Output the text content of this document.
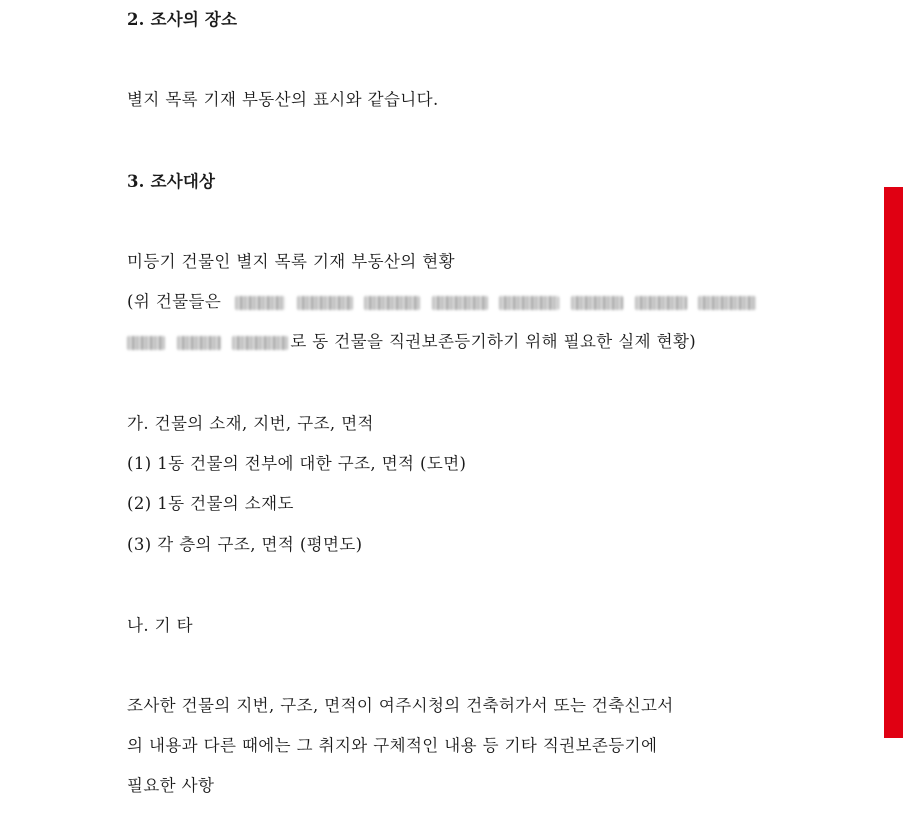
2. 조사의 장소
별지 목록 기재 부동산의 표시와 같습니다.
3. 조사대상
미등기 건물인 별지 목록 기재 부동산의 현황
(위 건물들은
로 동 건물을 직권보존등기하기 위해 필요한 실제 현황)
가. 건물의 소재, 지번, 구조, 면적
(1) 1동 건물의 전부에 대한 구조, 면적 (도면)
(2) 1동 건물의 소재도
(3) 각 층의 구조, 면적 (평면도)
나. 기 타
조사한 건물의 지번, 구조, 면적이 여주시청의 건축허가서 또는 건축신고서
의 내용과 다른 때에는 그 취지와 구체적인 내용 등 기타 직권보존등기에
필요한 사항
